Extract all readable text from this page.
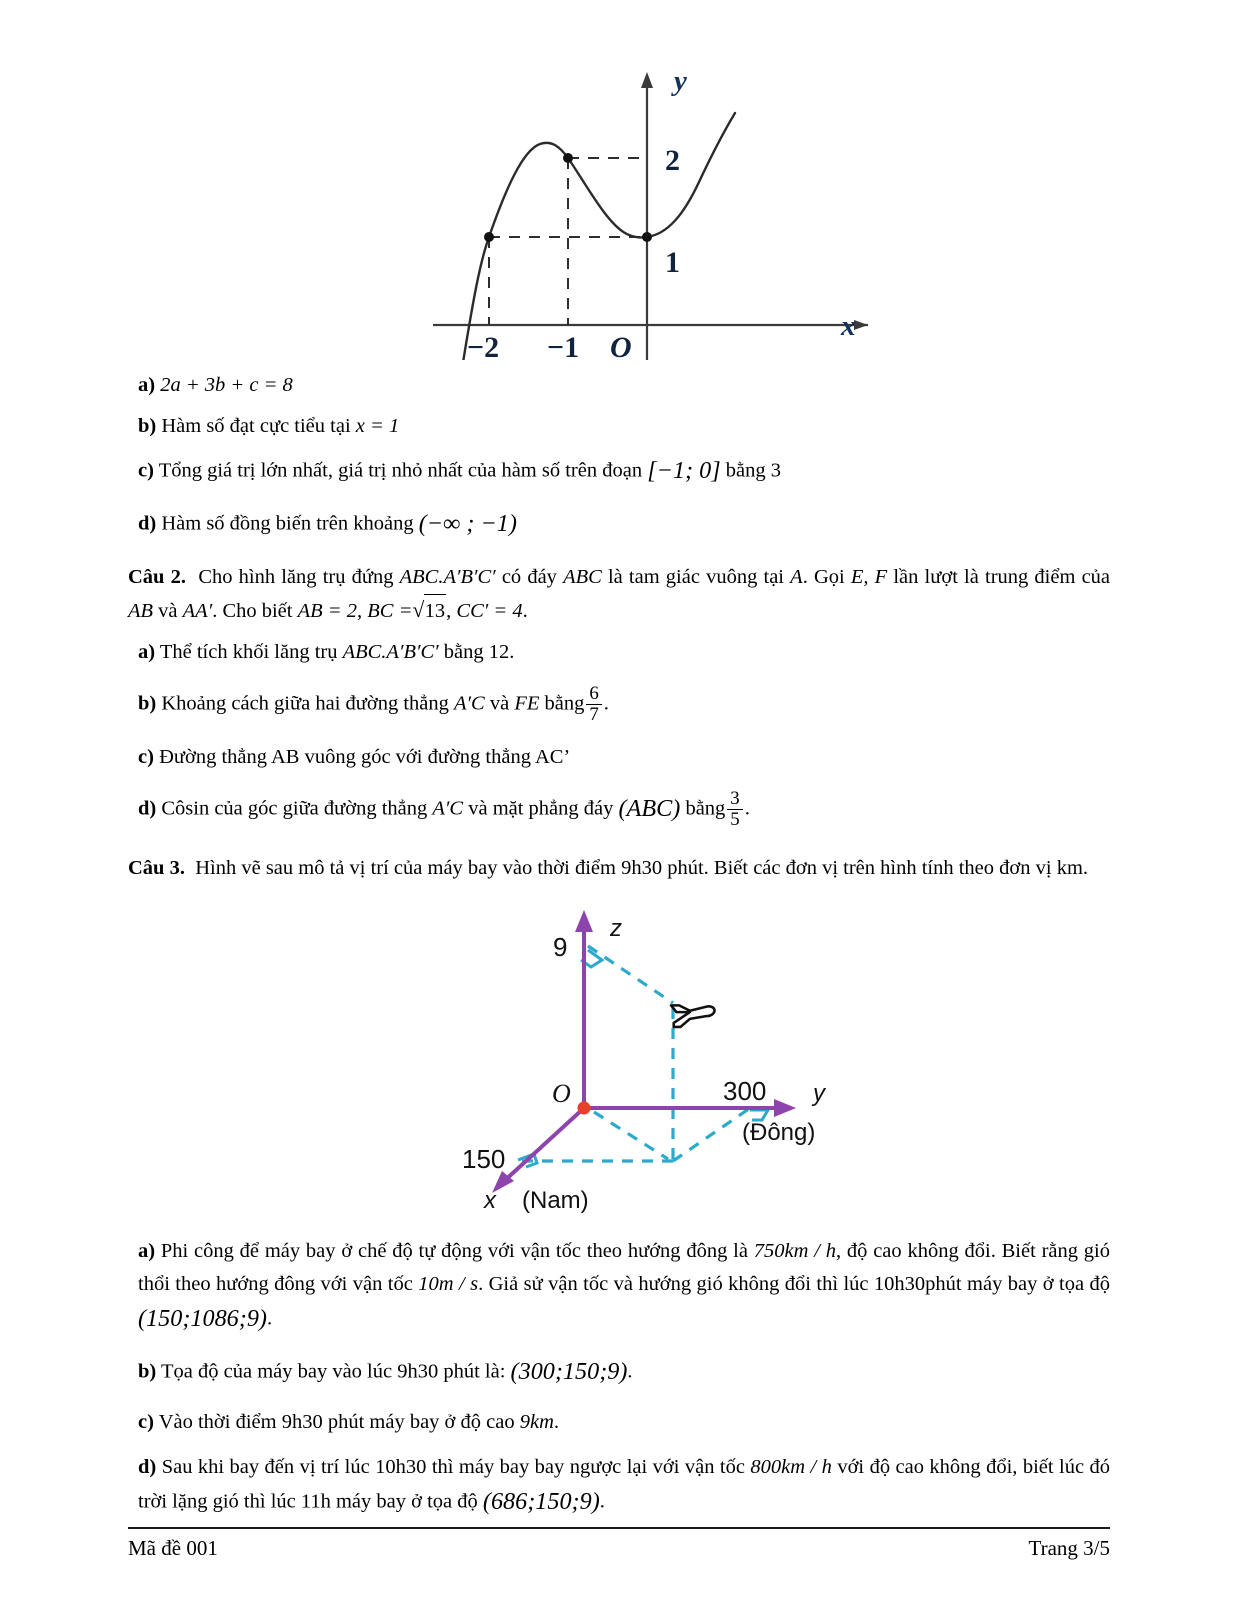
y
x
−2 −1 O
2
1

a) 2a + 3b + c = 8

b) Hàm số đạt cực tiểu tại x = 1

c) Tổng giá trị lớn nhất, giá trị nhỏ nhất của hàm số trên đoạn [−1; 0] bằng 3

d) Hàm số đồng biến trên khoảng (−∞ ; −1)

Câu 2. Cho hình lăng trụ đứng ABC.A′B′C′ có đáy ABC là tam giác vuông tại A. Gọi E, F lần lượt là trung điểm của AB và AA′. Cho biết AB = 2, BC = √ 13, CC′ = 4.

a) Thể tích khối lăng trụ ABC.A′B′C′ bằng 12.

b) Khoảng cách giữa hai đường thẳng A′C và FE bằng $\frac{6}{7}$ .

c) Đường thẳng AB vuông góc với đường thẳng AC’

d) Côsin của góc giữa đường thẳng A′C và mặt phẳng đáy (ABC) bằng $\frac{3}{5}$ .

Câu 3. Hình vẽ sau mô tả vị trí của máy bay vào thời điểm 9h30 phút. Biết các đơn vị trên hình tính theo đơn vị km.

z
9
y
300
(Đông)
x
150
(Nam)
O

a) Phi công để máy bay ở chế độ tự động với vận tốc theo hướng đông là 750km / h, độ cao không đổi. Biết rằng gió thổi theo hướng đông với vận tốc 10m / s. Giả sử vận tốc và hướng gió không đổi thì lúc 10h30phút máy bay ở tọa độ (150;1086;9).

b) Tọa độ của máy bay vào lúc 9h30 phút là: (300;150;9).

c) Vào thời điểm 9h30 phút máy bay ở độ cao 9km.

d) Sau khi bay đến vị trí lúc 10h30 thì máy bay bay ngược lại với vận tốc 800km / h với độ cao không đổi, biết lúc đó trời lặng gió thì lúc 11h máy bay ở tọa độ (686;150;9).

Mã đề 001	Trang 3/5
